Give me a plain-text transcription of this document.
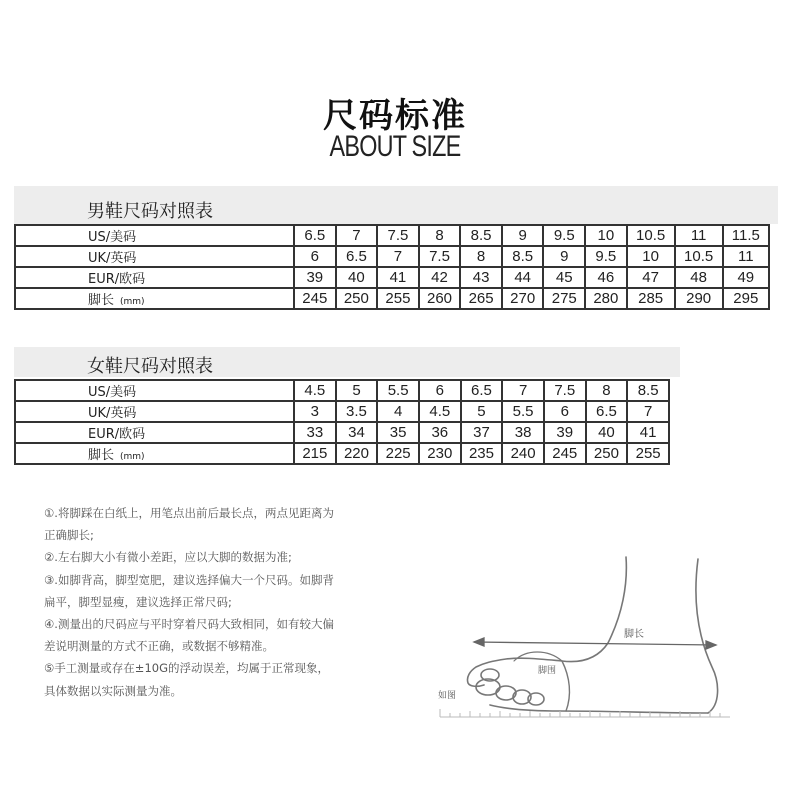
尺码标准
ABOUT SIZE
男鞋尺码对照表
US/美码	6.5	7	7.5	8	8.5	9	9.5	10	10.5	11	11.5
UK/英码	6	6.5	7	7.5	8	8.5	9	9.5	10	10.5	11
EUR/欧码	39	40	41	42	43	44	45	46	47	48	49
脚长 (mm)	245	250	255	260	265	270	275	280	285	290	295
女鞋尺码对照表
US/美码	4.5	5	5.5	6	6.5	7	7.5	8	8.5
UK/英码	3	3.5	4	4.5	5	5.5	6	6.5	7
EUR/欧码	33	34	35	36	37	38	39	40	41
脚长 (mm)	215	220	225	230	235	240	245	250	255
①.将脚踩在白纸上，用笔点出前后最长点，两点见距离为
正确脚长;
②.左右脚大小有微小差距，应以大脚的数据为准;
③.如脚背高，脚型宽肥，建议选择偏大一个尺码。如脚背
扁平，脚型显瘦，建议选择正常尺码;
④.测量出的尺码应与平时穿着尺码大致相同，如有较大偏
差说明测量的方式不正确，或数据不够精准。
⑤手工测量或存在±10G的浮动误差，均属于正常现象，
具体数据以实际测量为准。
脚长
脚围
如图
